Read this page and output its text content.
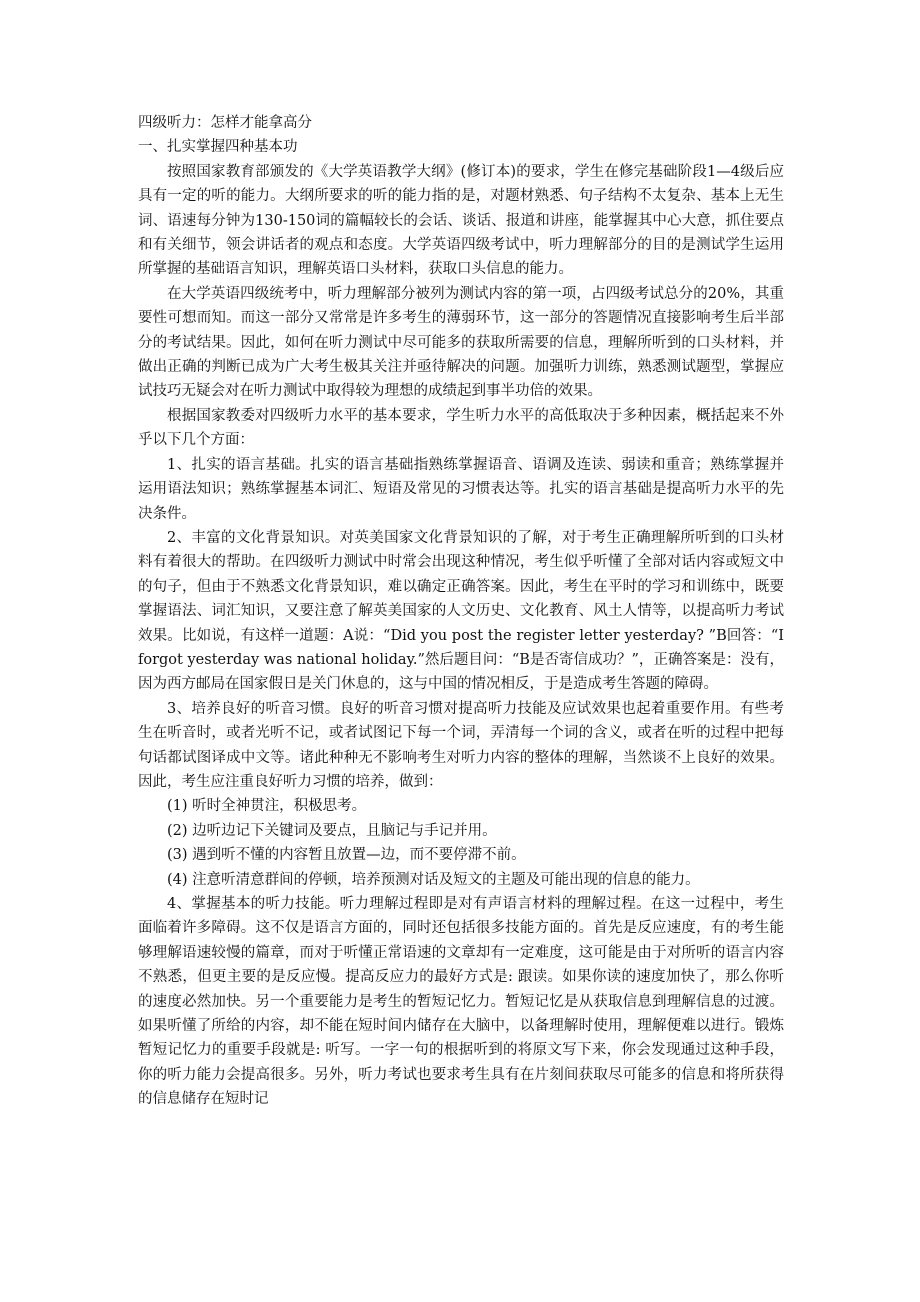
四级听力：怎样才能拿高分

一、扎实掌握四种基本功

按照国家教育部颁发的《大学英语教学大纲》(修订本)的要求，学生在修完基础阶段1—4级后应具有一定的听的能力。大纲所要求的听的能力指的是，对题材熟悉、句子结构不太复杂、基本上无生词、语速每分钟为130-150词的篇幅较长的会话、谈话、报道和讲座，能掌握其中心大意，抓住要点和有关细节，领会讲话者的观点和态度。大学英语四级考试中，听力理解部分的目的是测试学生运用所掌握的基础语言知识，理解英语口头材料，获取口头信息的能力。

在大学英语四级统考中，听力理解部分被列为测试内容的第一项，占四级考试总分的20%，其重要性可想而知。而这一部分又常常是许多考生的薄弱环节，这一部分的答题情况直接影响考生后半部分的考试结果。因此，如何在听力测试中尽可能多的获取所需要的信息，理解所听到的口头材料，并做出正确的判断已成为广大考生极其关注并亟待解决的问题。加强听力训练，熟悉测试题型，掌握应试技巧无疑会对在听力测试中取得较为理想的成绩起到事半功倍的效果。

根据国家教委对四级听力水平的基本要求，学生听力水平的高低取决于多种因素，概括起来不外乎以下几个方面：

1、扎实的语言基础。扎实的语言基础指熟练掌握语音、语调及连读、弱读和重音；熟练掌握并运用语法知识；熟练掌握基本词汇、短语及常见的习惯表达等。扎实的语言基础是提高听力水平的先决条件。

2、丰富的文化背景知识。对英美国家文化背景知识的了解，对于考生正确理解所听到的口头材料有着很大的帮助。在四级听力测试中时常会出现这种情况，考生似乎听懂了全部对话内容或短文中的句子，但由于不熟悉文化背景知识，难以确定正确答案。因此，考生在平时的学习和训练中，既要掌握语法、词汇知识，又要注意了解英美国家的人文历史、文化教育、风土人情等，以提高听力考试效果。比如说，有这样一道题：A说：“Did you post the register letter yesterday? ”B回答：“I forgot yesterday was national holiday.”然后题目问：“B是否寄信成功？”，正确答案是：没有，因为西方邮局在国家假日是关门休息的，这与中国的情况相反，于是造成考生答题的障碍。

3、培养良好的听音习惯。良好的听音习惯对提高听力技能及应试效果也起着重要作用。有些考生在听音时，或者光听不记，或者试图记下每一个词，弄清每一个词的含义，或者在听的过程中把每句话都试图译成中文等。诸此种种无不影响考生对听力内容的整体的理解，当然谈不上良好的效果。因此，考生应注重良好听力习惯的培养，做到：

(1) 听时全神贯注，积极思考。

(2) 边听边记下关键词及要点，且脑记与手记并用。

(3) 遇到听不懂的内容暂且放置—边，而不要停滞不前。

(4) 注意听清意群间的停顿，培养预测对话及短文的主题及可能出现的信息的能力。

4、掌握基本的听力技能。听力理解过程即是对有声语言材料的理解过程。在这一过程中，考生面临着许多障碍。这不仅是语言方面的，同时还包括很多技能方面的。首先是反应速度，有的考生能够理解语速较慢的篇章，而对于听懂正常语速的文章却有一定难度，这可能是由于对所听的语言内容不熟悉，但更主要的是反应慢。提高反应力的最好方式是: 跟读。如果你读的速度加快了，那么你听的速度必然加快。另一个重要能力是考生的暂短记忆力。暂短记忆是从获取信息到理解信息的过渡。如果听懂了所给的内容，却不能在短时间内储存在大脑中，以备理解时使用，理解便难以进行。锻炼暂短记忆力的重要手段就是: 听写。一字一句的根据听到的将原文写下来，你会发现通过这种手段，你的听力能力会提高很多。另外，听力考试也要求考生具有在片刻间获取尽可能多的信息和将所获得的信息储存在短时记
